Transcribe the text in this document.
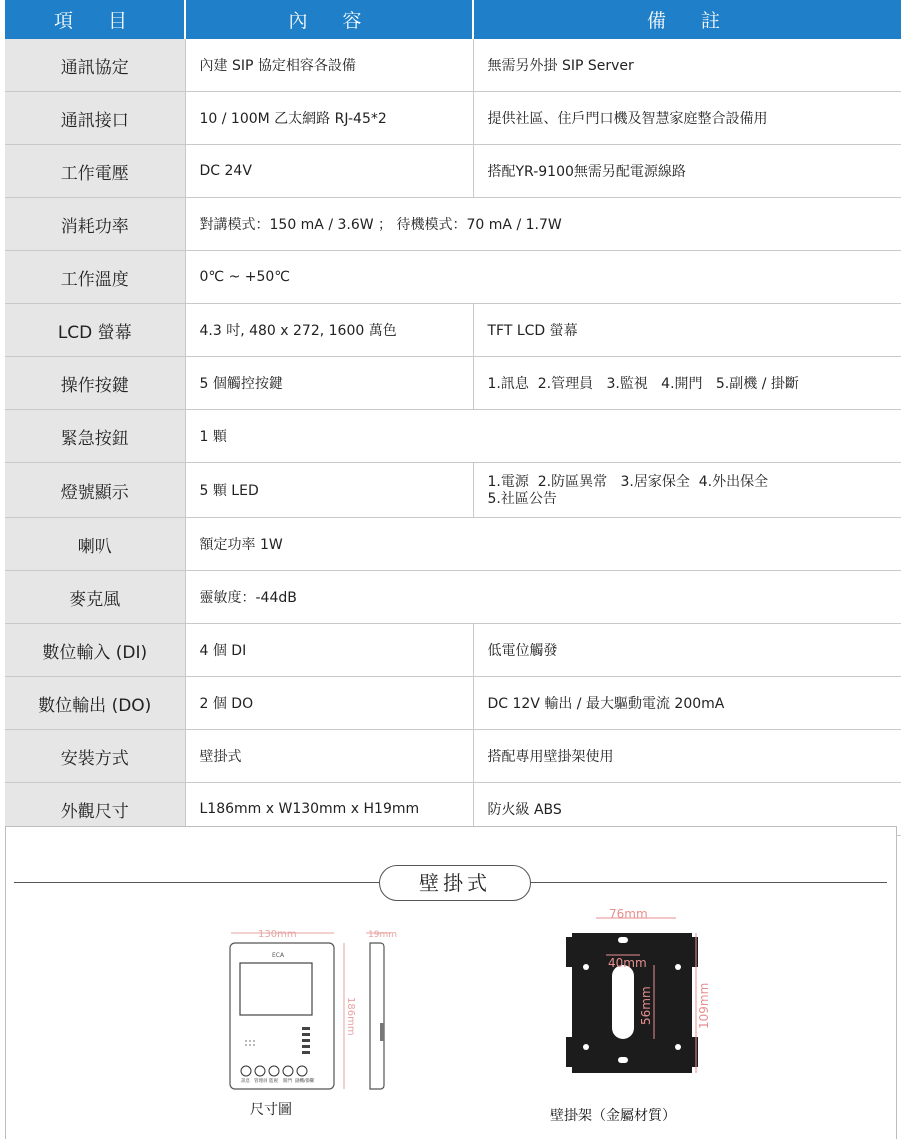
項　目	內　容	備　註
通訊協定	內建 SIP 協定相容各設備	無需另外掛 SIP Server
通訊接口	10 / 100M 乙太網路 RJ-45*2	提供社區、住戶門口機及智慧家庭整合設備用
工作電壓	DC 24V	搭配YR-9100無需另配電源線路
消耗功率	對講模式：150 mA / 3.6W ； 待機模式：70 mA / 1.7W	
工作溫度	0℃ ~ +50℃	
LCD 螢幕	4.3 吋, 480 x 272, 1600 萬色	TFT LCD 螢幕
操作按鍵	5 個觸控按鍵	1.訊息  2.管理員   3.監視   4.開門   5.副機 / 掛斷
緊急按鈕	1 顆	
燈號顯示	5 顆 LED	1.電源  2.防區異常   3.居家保全  4.外出保全
5.社區公告

喇叭	額定功率 1W	
麥克風	靈敏度：-44dB	
數位輸入 (DI)	4 個 DI	低電位觸發
數位輸出 (DO)	2 個 DO	DC 12V 輸出 / 最大驅動電流 200mA
安裝方式	壁掛式	搭配專用壁掛架使用
外觀尺寸	L186mm x W130mm x H19mm	防火級 ABS
壁掛式
130mm
ECA
訊息 管理員 監視 開門 副機/掛斷
186mm
19mm
尺寸圖
76mm
40mm
56mm	109mm
壁掛架（金屬材質）
